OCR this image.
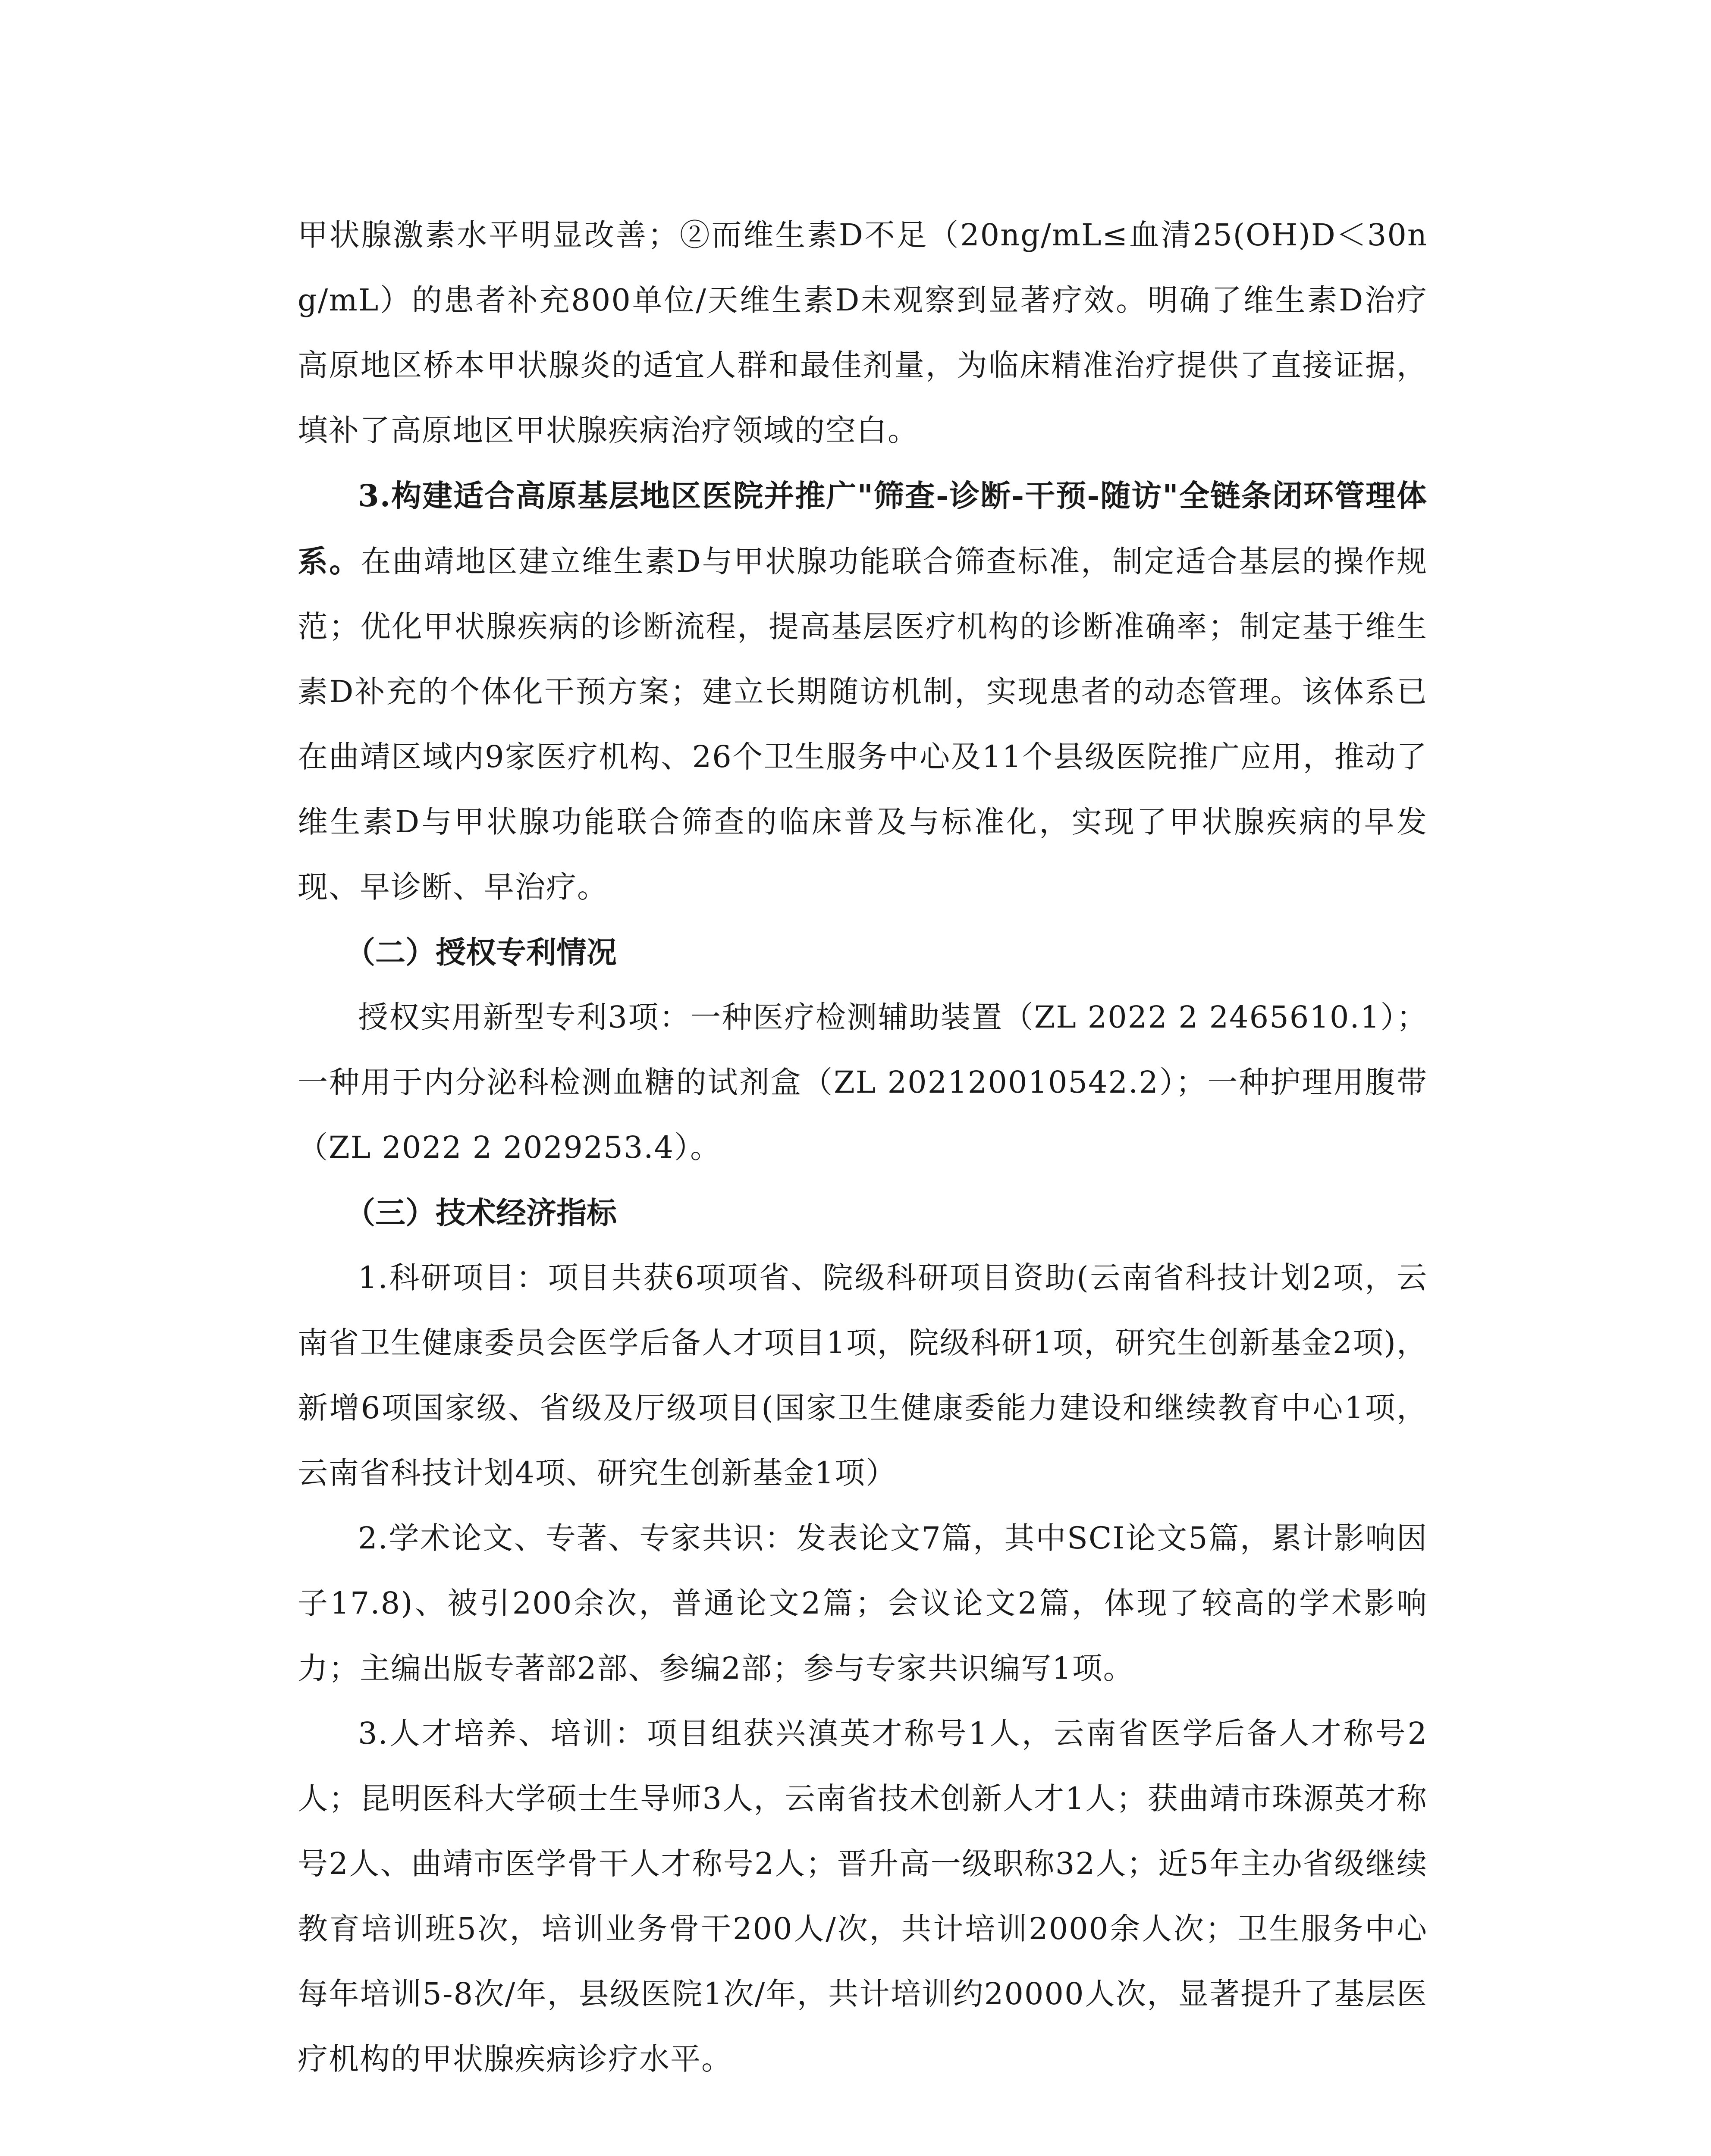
甲状腺激素水平明显改善；②而维生素D不足（20ng/mL≤血清25(OH)D＜30ng/mL）的患者补充800单位/天维生素D未观察到显著疗效。明确了维生素D治疗高原地区桥本甲状腺炎的适宜人群和最佳剂量，为临床精准治疗提供了直接证据，填补了高原地区甲状腺疾病治疗领域的空白。

3.构建适合高原基层地区医院并推广"筛查-诊断-干预-随访"全链条闭环管理体系。在曲靖地区建立维生素D与甲状腺功能联合筛查标准，制定适合基层的操作规范；优化甲状腺疾病的诊断流程，提高基层医疗机构的诊断准确率；制定基于维生素D补充的个体化干预方案；建立长期随访机制，实现患者的动态管理。该体系已在曲靖区域内9家医疗机构、26个卫生服务中心及11个县级医院推广应用，推动了维生素D与甲状腺功能联合筛查的临床普及与标准化，实现了甲状腺疾病的早发现、早诊断、早治疗。

（二）授权专利情况

授权实用新型专利3项：一种医疗检测辅助装置（ZL 2022 2 2465610.1）；一种用于内分泌科检测血糖的试剂盒（ZL 202120010542.2）；一种护理用腹带（ZL 2022 2 2029253.4）。

（三）技术经济指标

1.科研项目：项目共获6项项省、院级科研项目资助(云南省科技计划2项，云南省卫生健康委员会医学后备人才项目1项，院级科研1项，研究生创新基金2项)，新增6项国家级、省级及厅级项目(国家卫生健康委能力建设和继续教育中心1项，云南省科技计划4项、研究生创新基金1项）

2.学术论文、专著、专家共识：发表论文7篇，其中SCI论文5篇，累计影响因子17.8)、被引200余次，普通论文2篇；会议论文2篇，体现了较高的学术影响力；主编出版专著部2部、参编2部；参与专家共识编写1项。

3.人才培养、培训：项目组获兴滇英才称号1人，云南省医学后备人才称号2人；昆明医科大学硕士生导师3人，云南省技术创新人才1人；获曲靖市珠源英才称号2人、曲靖市医学骨干人才称号2人；晋升高一级职称32人；近5年主办省级继续教育培训班5次，培训业务骨干200人/次，共计培训2000余人次；卫生服务中心每年培训5-8次/年，县级医院1次/年，共计培训约20000人次，显著提升了基层医疗机构的甲状腺疾病诊疗水平。
